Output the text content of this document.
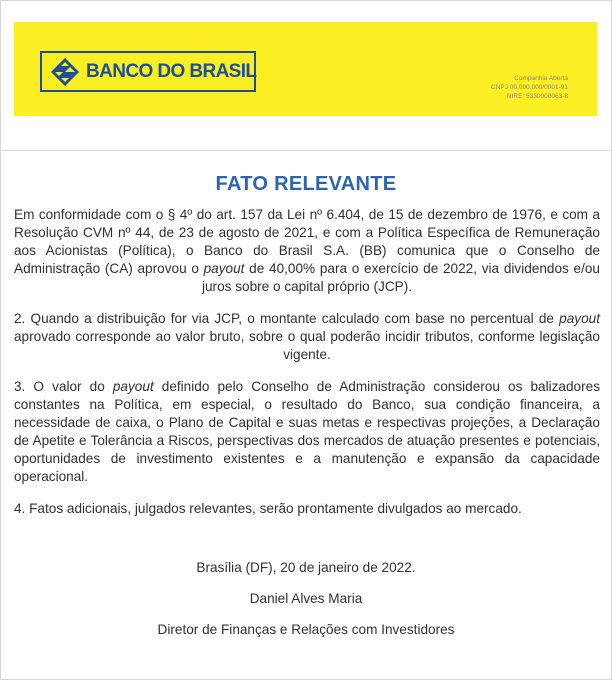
BANCO DO BRASIL	Companhia Aberta
CNPJ 00.000.000/0001-91
NIRE: 5330000063-8
FATO RELEVANTE

Em conformidade com o § 4º do art. 157 da Lei nº 6.404, de 15 de dezembro de 1976, e com a Resolução CVM nº 44, de 23 de agosto de 2021, e com a Política Específica de Remuneração aos Acionistas (Política), o Banco do Brasil S.A. (BB) comunica que o Conselho de Administração (CA) aprovou o payout de 40,00% para o exercício de 2022, via dividendos e/ou juros sobre o capital próprio (JCP).

2. Quando a distribuição for via JCP, o montante calculado com base no percentual de payout aprovado corresponde ao valor bruto, sobre o qual poderão incidir tributos, conforme legislação vigente.

3. O valor do payout definido pelo Conselho de Administração considerou os balizadores constantes na Política, em especial, o resultado do Banco, sua condição financeira, a necessidade de caixa, o Plano de Capital e suas metas e respectivas projeções, a Declaração de Apetite e Tolerância a Riscos, perspectivas dos mercados de atuação presentes e potenciais, oportunidades de investimento existentes e a manutenção e expansão da capacidade operacional.

4. Fatos adicionais, julgados relevantes, serão prontamente divulgados ao mercado.

Brasília (DF), 20 de janeiro de 2022.
Daniel Alves Maria
Diretor de Finanças e Relações com Investidores
